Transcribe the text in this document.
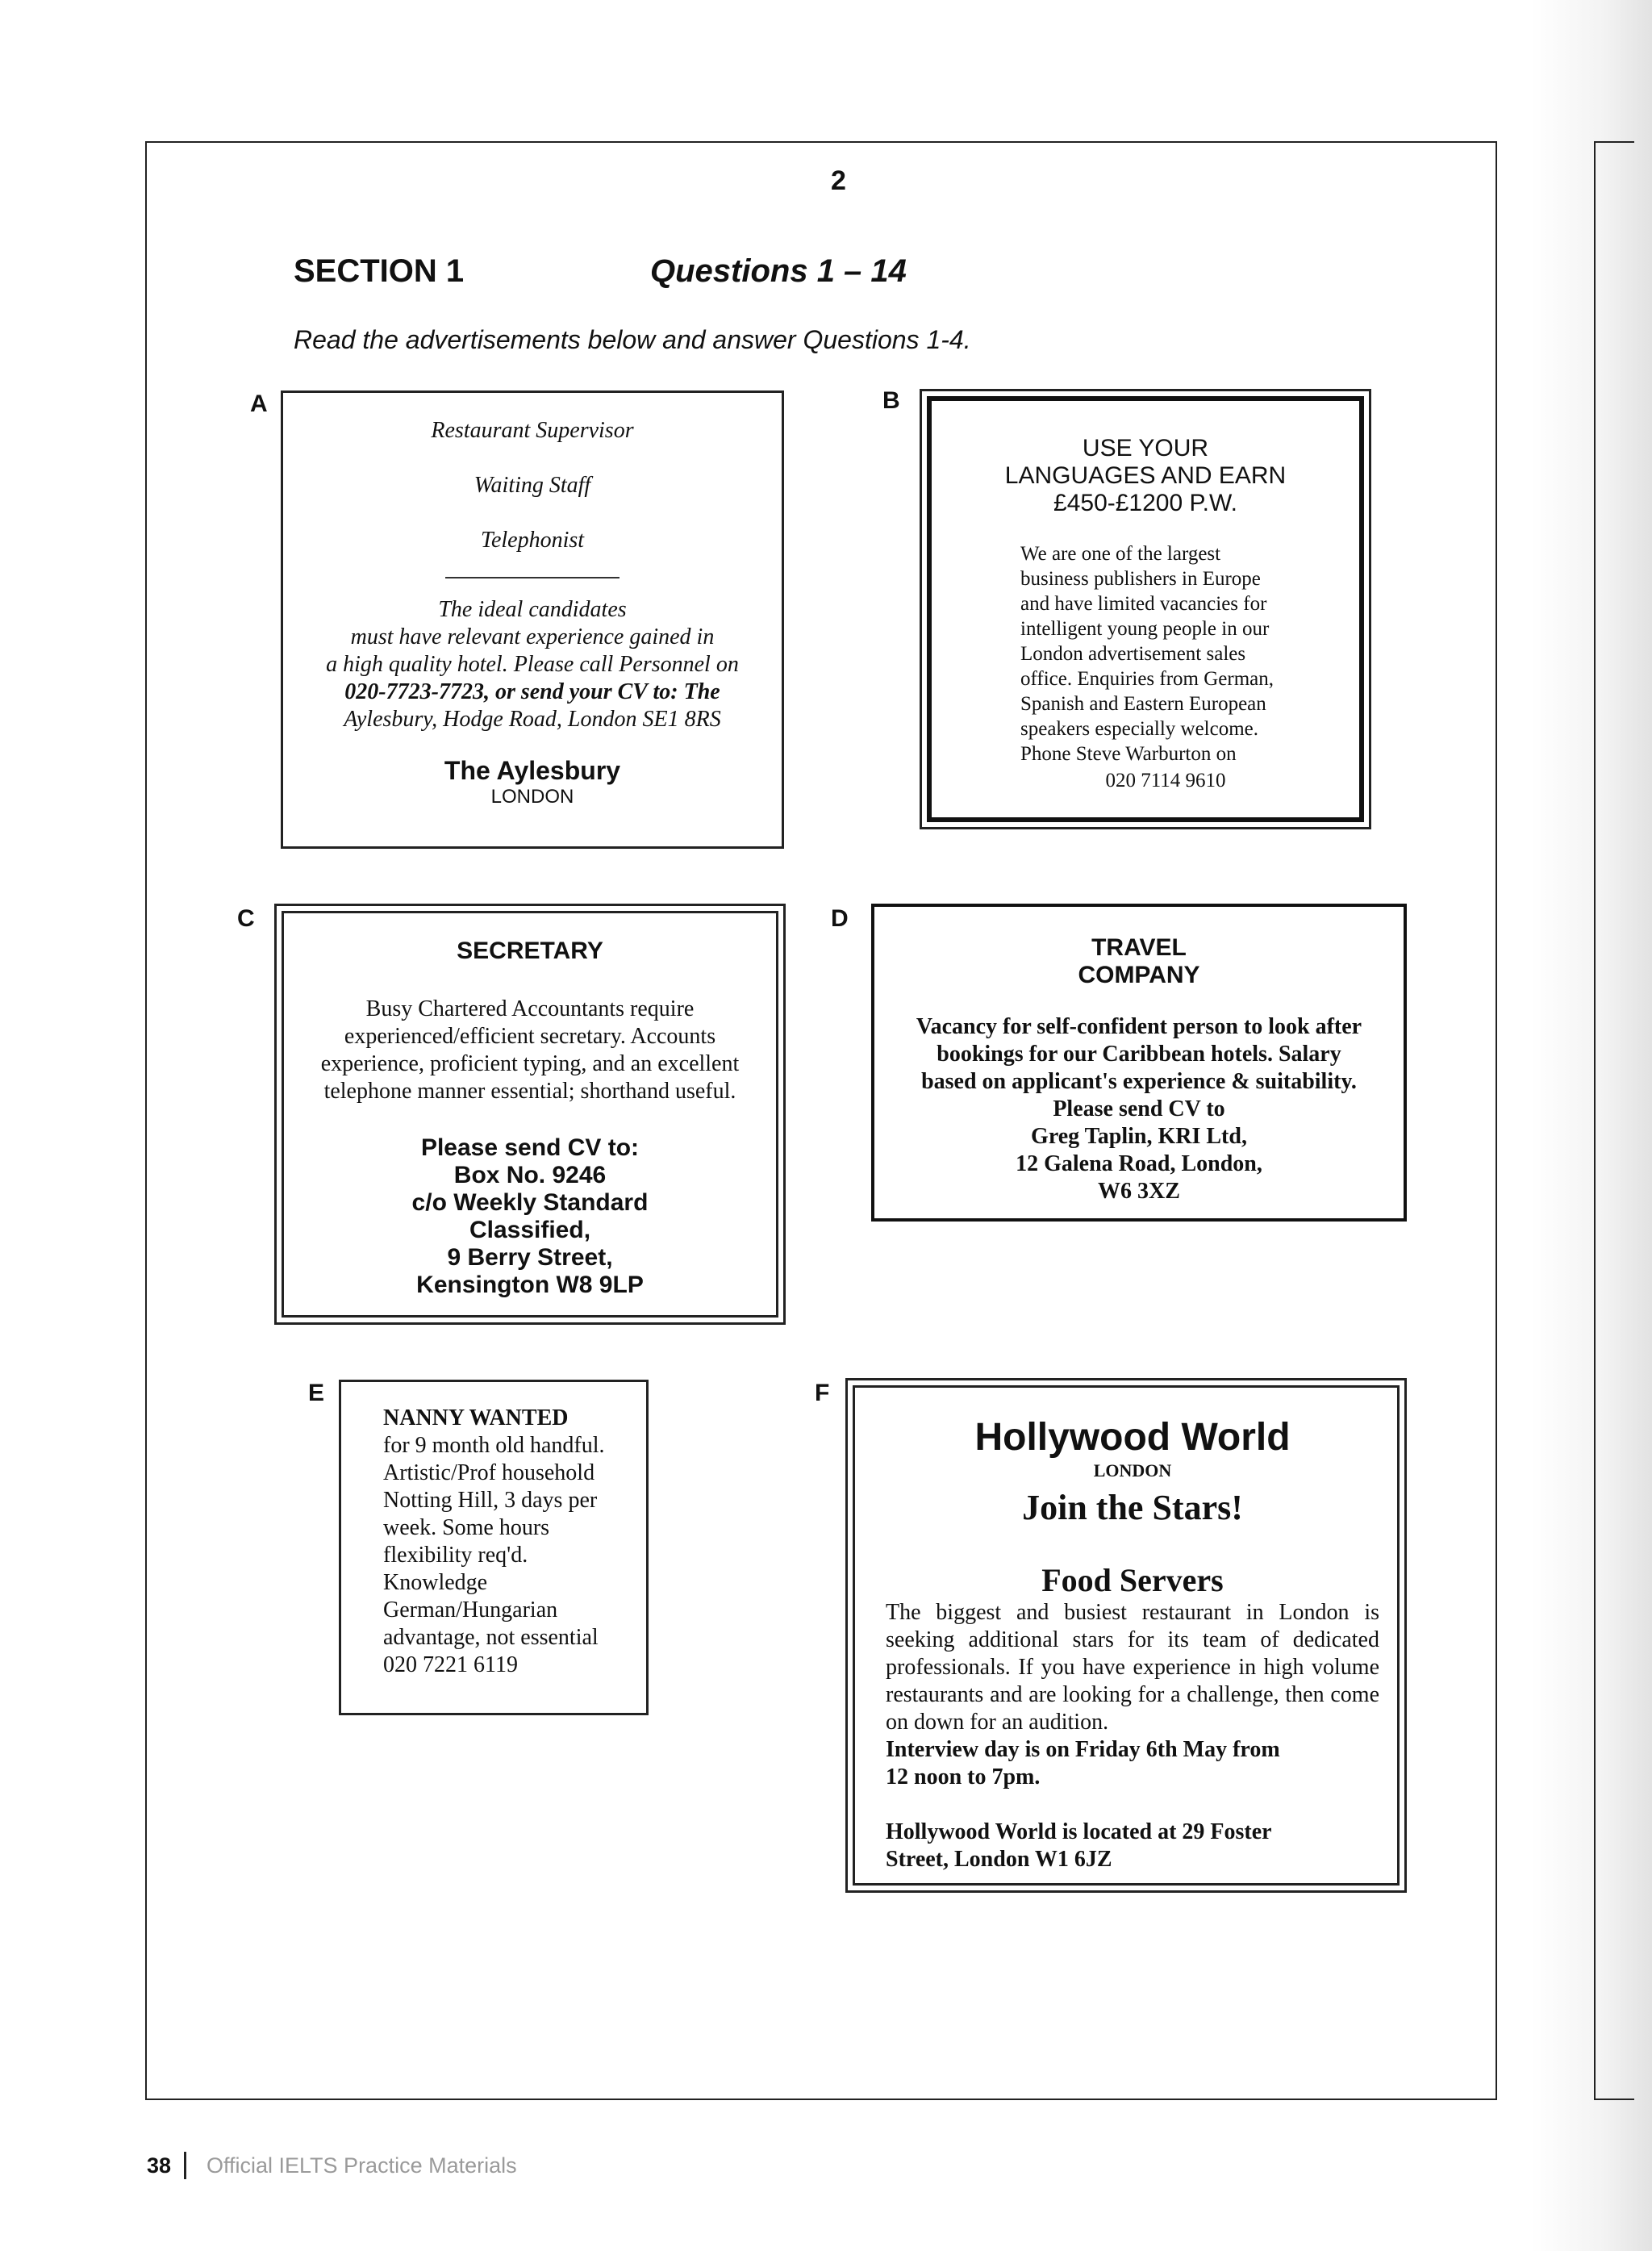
2
SECTION 1	Questions 1 – 14
Read the advertisements below and answer Questions 1-4.
A

Restaurant Supervisor

Waiting Staff

Telephonist

The ideal candidates

must have relevant experience gained in

a high quality hotel. Please call Personnel on

020-7723-7723, or send your CV to: The

Aylesbury, Hodge Road, London SE1 8RS

The Aylesbury

LONDON

B

USE YOUR

LANGUAGES AND EARN

£450-£1200 P.W.

We are one of the largest

business publishers in Europe

and have limited vacancies for

intelligent young people in our

London advertisement sales

office. Enquiries from German,

Spanish and Eastern European

speakers especially welcome.

Phone Steve Warburton on

020 7114 9610

C

SECRETARY

Busy Chartered Accountants require

experienced/efficient secretary. Accounts

experience, proficient typing, and an excellent

telephone manner essential; shorthand useful.

Please send CV to:

Box No. 9246

c/o Weekly Standard

Classified,

9 Berry Street,

Kensington W8 9LP

D

TRAVEL

COMPANY

Vacancy for self-confident person to look after

bookings for our Caribbean hotels. Salary

based on applicant's experience & suitability.

Please send CV to

Greg Taplin, KRI Ltd,

12 Galena Road, London,

W6 3XZ

E

NANNY WANTED

for 9 month old handful.

Artistic/Prof household

Notting Hill, 3 days per

week. Some hours

flexibility req'd.

Knowledge

German/Hungarian

advantage, not essential

020 7221 6119

F

Hollywood World

LONDON

Join the Stars!

Food Servers

The biggest and busiest restaurant in London is seeking additional stars for its team of dedicated professionals. If you have experience in high volume restaurants and are looking for a challenge, then come on down for an audition.

Interview day is on Friday 6th May from

12 noon to 7pm.

Hollywood World is located at 29 Foster

Street, London W1 6JZ

38 Official IELTS Practice Materials
